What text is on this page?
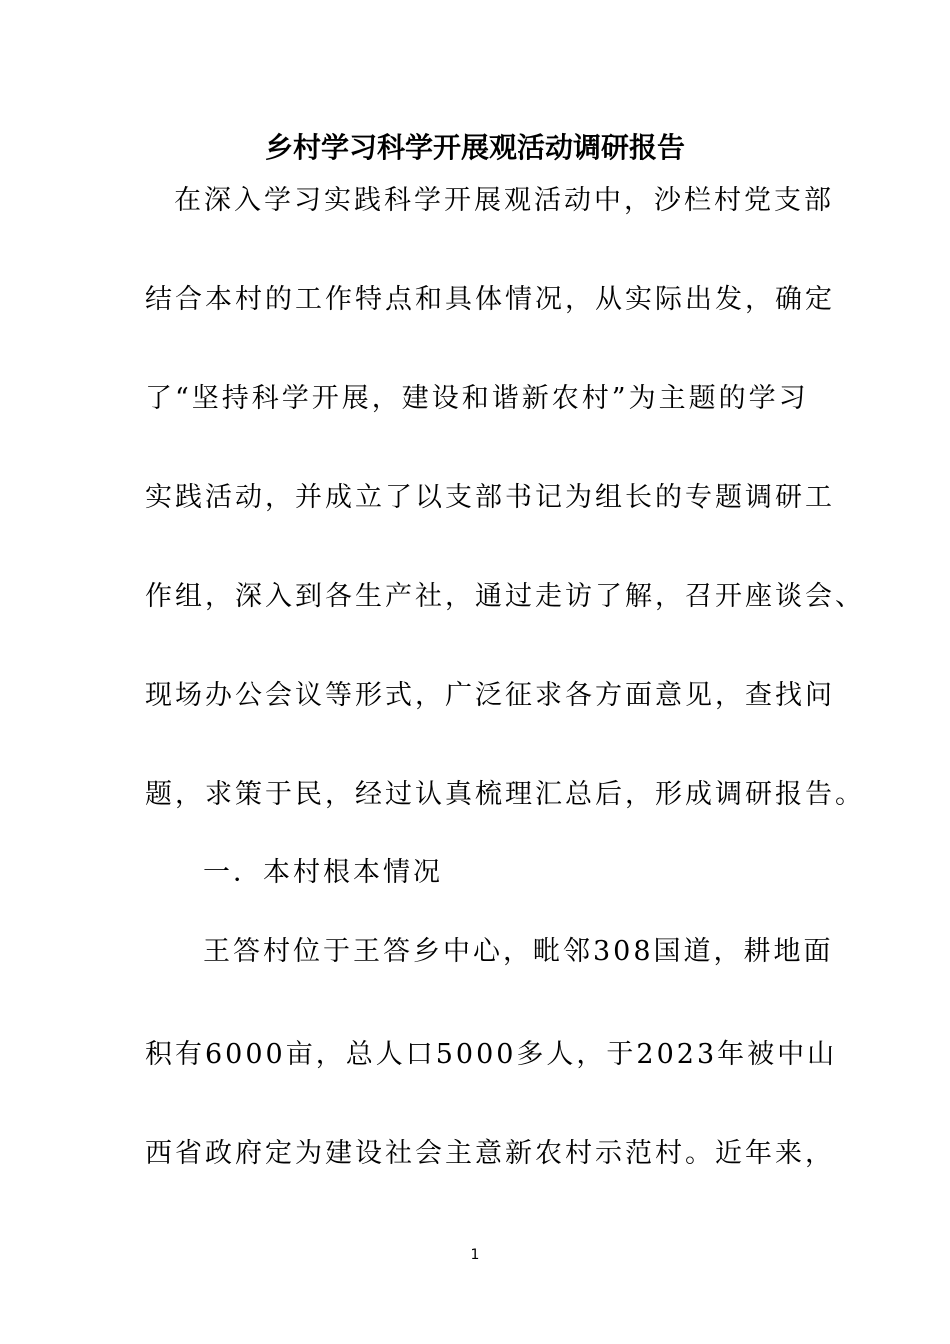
乡村学习科学开展观活动调研报告
在深入学习实践科学开展观活动中，沙栏村党支部
结合本村的工作特点和具体情况，从实际出发，确定
了“坚持科学开展，建设和谐新农村”为主题的学习
实践活动，并成立了以支部书记为组长的专题调研工
作组，深入到各生产社，通过走访了解，召开座谈会、
现场办公会议等形式，广泛征求各方面意见，查找问
题，求策于民，经过认真梳理汇总后，形成调研报告。
一．本村根本情况
王答村位于王答乡中心，毗邻308国道，耕地面
积有6000亩，总人口5000多人，于2023年被中山
西省政府定为建设社会主意新农村示范村。近年来，
1
